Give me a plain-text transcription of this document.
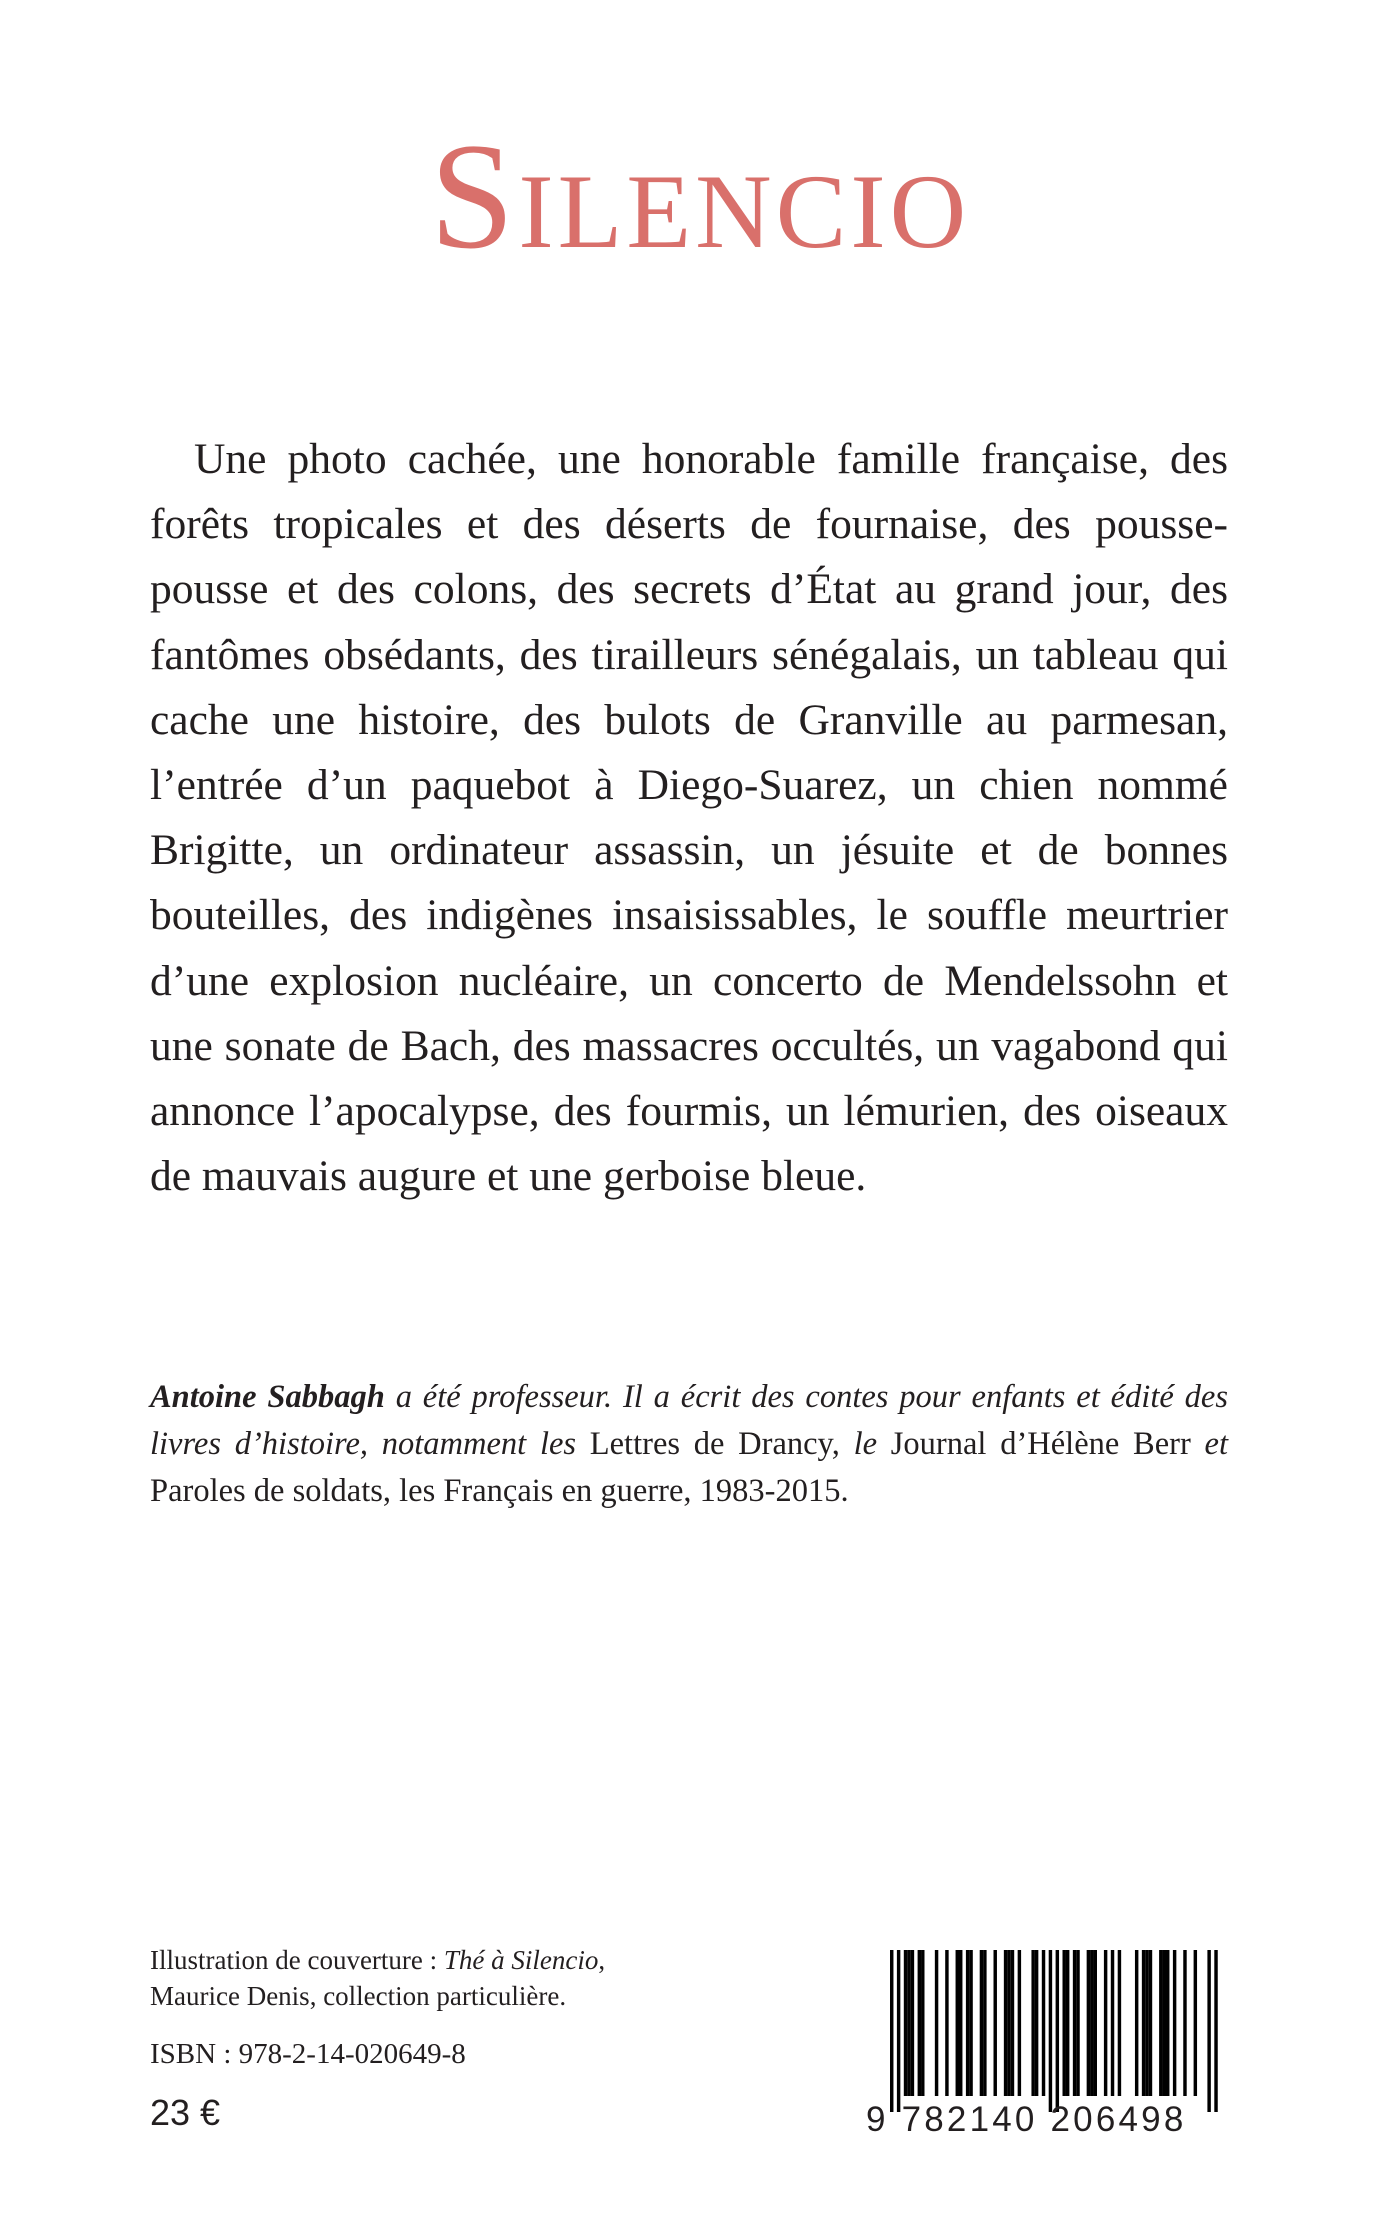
Silencio

Une photo cachée, une honorable famille française, des forêts tropicales et des déserts de fournaise, des pousse-pousse et des colons, des secrets d’État au grand jour, des fantômes obsédants, des tirailleurs sénégalais, un tableau qui cache une histoire, des bulots de Granville au parmesan, l’entrée d’un paquebot à Diego-Suarez, un chien nommé Brigitte, un ordinateur assassin, un jésuite et de bonnes bouteilles, des indigènes insaisissables, le souffle meurtrier d’une explosion nucléaire, un concerto de Mendelssohn et une sonate de Bach, des massacres occultés, un vagabond qui annonce l’apocalypse, des fourmis, un lémurien, des oiseaux de mauvais augure et une gerboise bleue.

Antoine Sabbagh a été professeur. Il a écrit des contes pour enfants et édité des livres d’histoire, notamment les Lettres de Drancy, le Journal d’Hélène Berr et Paroles de soldats, les Français en guerre, 1983-2015.

Illustration de couverture : Thé à Silencio,
Maurice Denis, collection particulière.

ISBN : 978-2-14-020649-8

23 €	9 782140 206498
